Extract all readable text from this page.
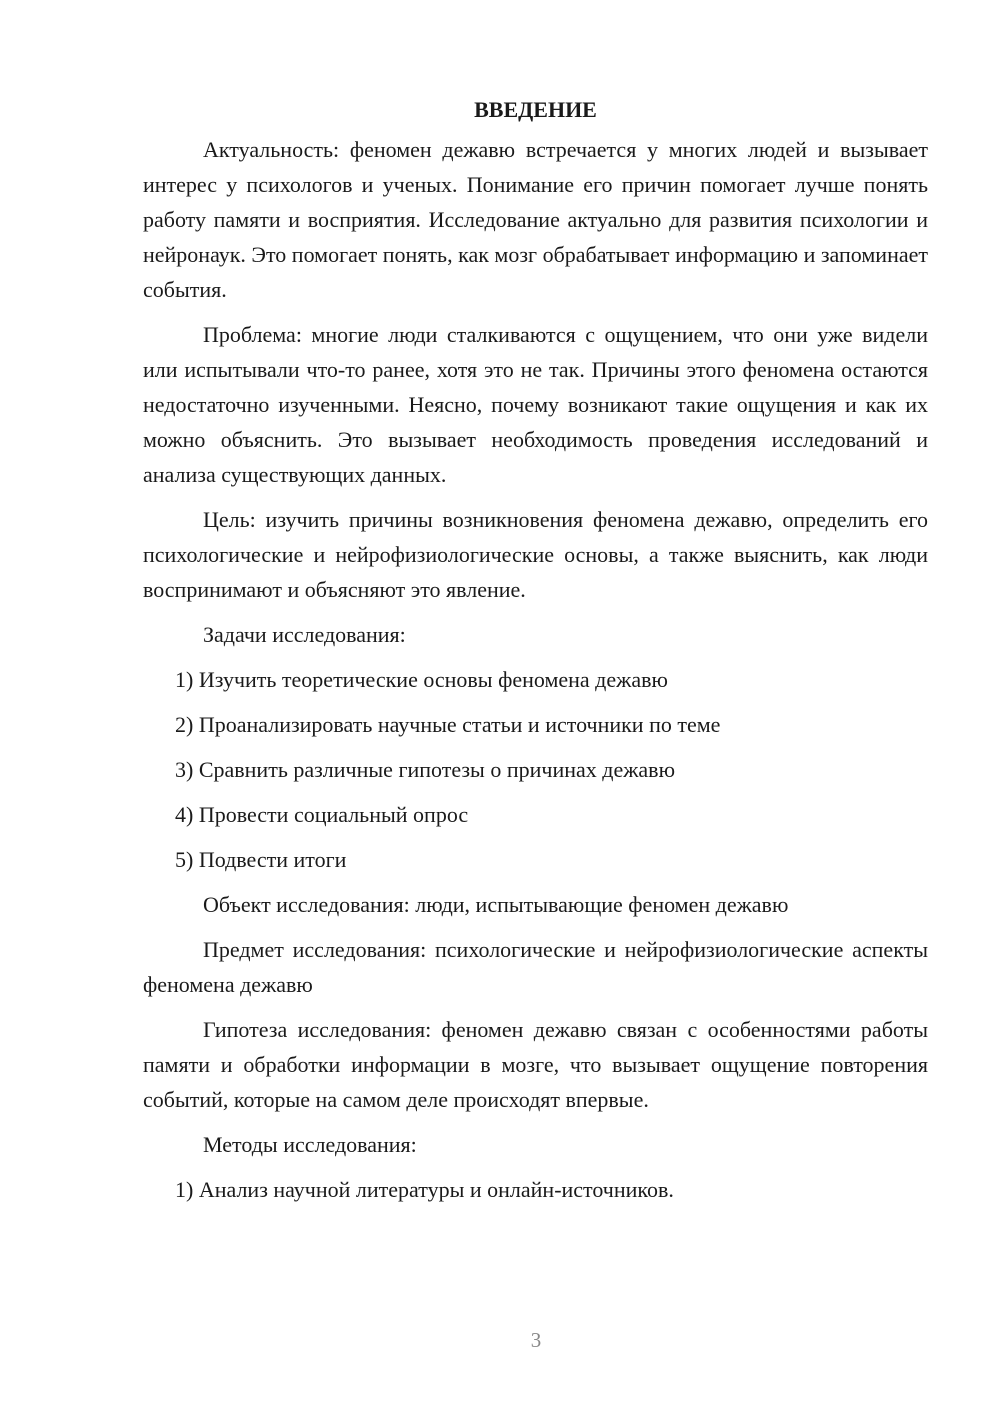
ВВЕДЕНИЕ

Актуальность: феномен дежавю встречается у многих людей и вызывает интерес у психологов и ученых. Понимание его причин помогает лучше понять работу памяти и восприятия. Исследование актуально для развития психологии и нейронаук. Это помогает понять, как мозг обрабатывает информацию и запоминает события.

Проблема: многие люди сталкиваются с ощущением, что они уже видели или испытывали что-то ранее, хотя это не так. Причины этого феномена остаются недостаточно изученными. Неясно, почему возникают такие ощущения и как их можно объяснить. Это вызывает необходимость проведения исследований и анализа существующих данных.

Цель: изучить причины возникновения феномена дежавю, определить его психологические и нейрофизиологические основы, а также выяснить, как люди воспринимают и объясняют это явление.

Задачи исследования:

1) Изучить теоретические основы феномена дежавю

2) Проанализировать научные статьи и источники по теме

3) Сравнить различные гипотезы о причинах дежавю

4) Провести социальный опрос

5) Подвести итоги

Объект исследования: люди, испытывающие феномен дежавю

Предмет исследования: психологические и нейрофизиологические аспекты феномена дежавю

Гипотеза исследования: феномен дежавю связан с особенностями работы памяти и обработки информации в мозге, что вызывает ощущение повторения событий, которые на самом деле происходят впервые.

Методы исследования:

1) Анализ научной литературы и онлайн-источников.

3
